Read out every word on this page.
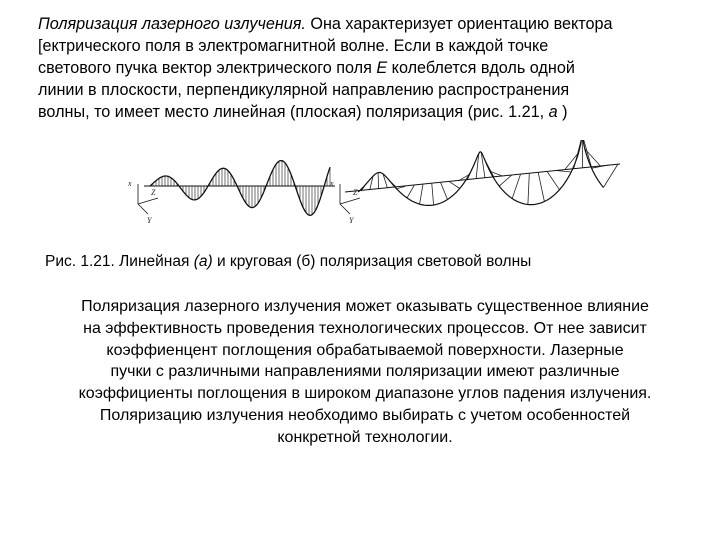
Поляризация лазерного излучения. Она характеризует ориентацию вектора
[ектрического поля в электромагнитной волне. Если в каждой точке
светового пучка вектор электрического поля E колеблется вдоль одной
линии в плоскости, перпендикулярной направлению распространения
волны, то имеет место линейная (плоская) поляризация (рис. 1.21, а )
x
Z
Y
x
Z
Y

Рис. 1.21. Линейная (а) и круговая (б) поляризация световой волны

Поляризация лазерного излучения может оказывать существенное влияние
на эффективность проведения технологических процессов. От нее зависит
коэффиенцент поглощения обрабатываемой поверхности. Лазерные
пучки с различными направлениями поляризации имеют различные
коэффициенты поглощения в широком диапазоне углов падения излучения.
Поляризацию излучения необходимо выбирать с учетом особенностей
конкретной технологии.
